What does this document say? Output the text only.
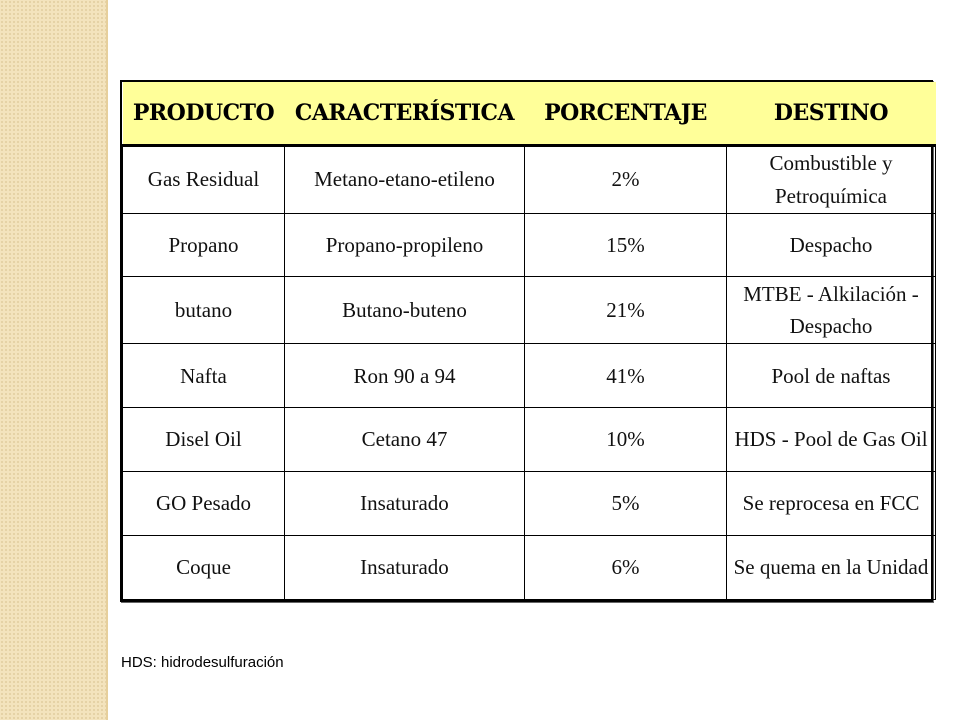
PRODUCTO	CARACTERÍSTICA	PORCENTAJE	DESTINO
Gas Residual	Metano-etano-etileno	2%	Combustible y
Petroquímica
Propano	Propano-propileno	15%	Despacho
butano	Butano-buteno	21%	MTBE - Alkilación -
Despacho
Nafta	Ron 90 a 94	41%	Pool de naftas
Disel Oil	Cetano 47	10%	HDS - Pool de Gas Oil
GO Pesado	Insaturado	5%	Se reprocesa en FCC
Coque	Insaturado	6%	Se quema en la Unidad
HDS: hidrodesulfuración
